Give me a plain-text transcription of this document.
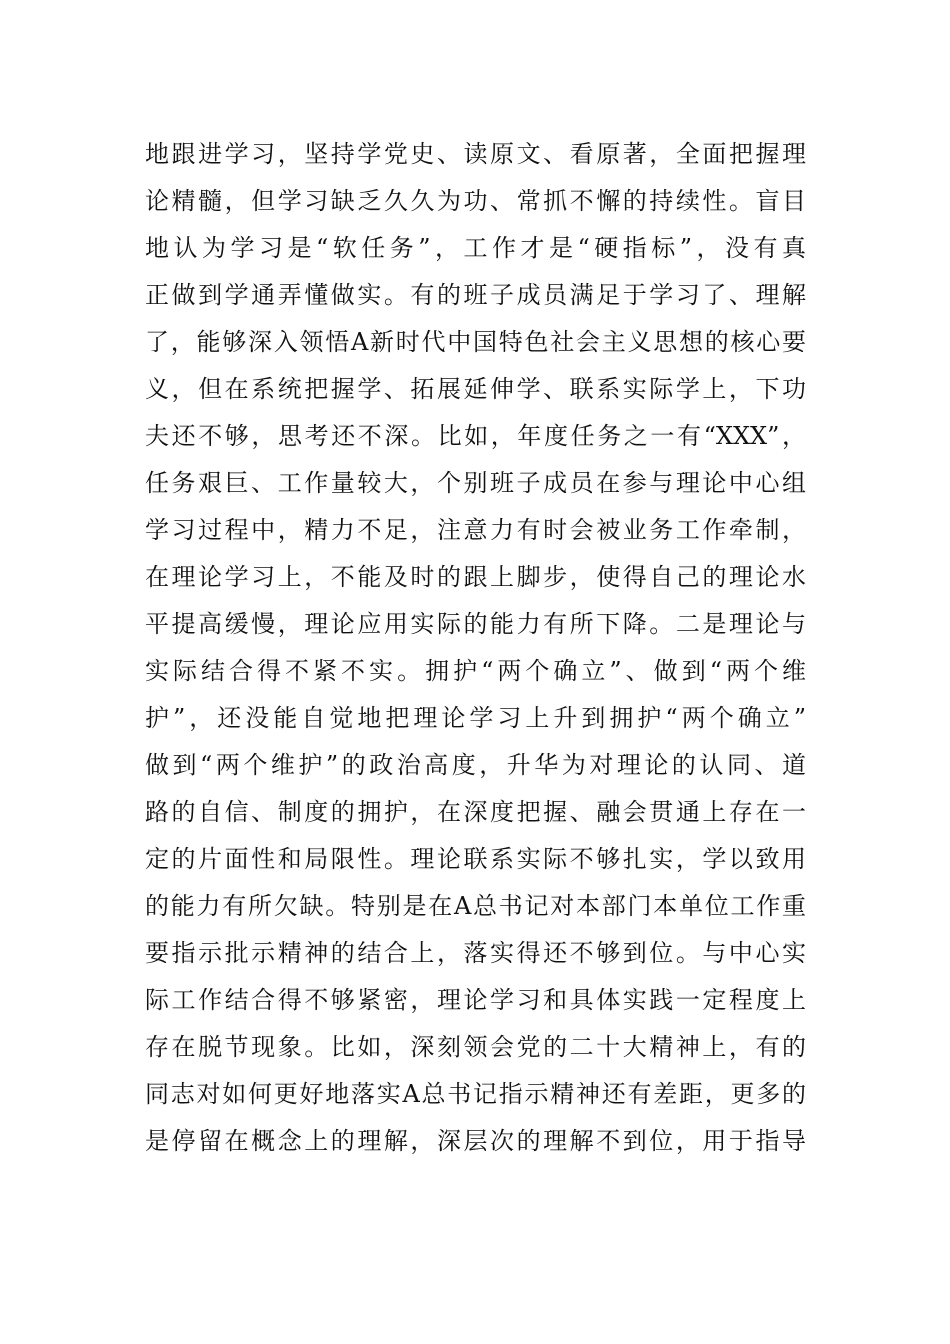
地跟进学习，坚持学党史、读原文、看原著，全面把握理
论精髓，但学习缺乏久久为功、常抓不懈的持续性。盲目
地认为学习是“软任务”，工作才是“硬指标”，没有真
正做到学通弄懂做实。有的班子成员满足于学习了、理解
了，能够深入领悟A新时代中国特色社会主义思想的核心要
义，但在系统把握学、拓展延伸学、联系实际学上，下功
夫还不够，思考还不深。比如，年度任务之一有“XXX”，
任务艰巨、工作量较大，个别班子成员在参与理论中心组
学习过程中，精力不足，注意力有时会被业务工作牵制，
在理论学习上，不能及时的跟上脚步，使得自己的理论水
平提高缓慢，理论应用实际的能力有所下降。二是理论与
实际结合得不紧不实。拥护“两个确立”、做到“两个维
护”，还没能自觉地把理论学习上升到拥护“两个确立”
做到“两个维护”的政治高度，升华为对理论的认同、道
路的自信、制度的拥护，在深度把握、融会贯通上存在一
定的片面性和局限性。理论联系实际不够扎实，学以致用
的能力有所欠缺。特别是在A总书记对本部门本单位工作重
要指示批示精神的结合上，落实得还不够到位。与中心实
际工作结合得不够紧密，理论学习和具体实践一定程度上
存在脱节现象。比如，深刻领会党的二十大精神上，有的
同志对如何更好地落实A总书记指示精神还有差距，更多的
是停留在概念上的理解，深层次的理解不到位，用于指导
